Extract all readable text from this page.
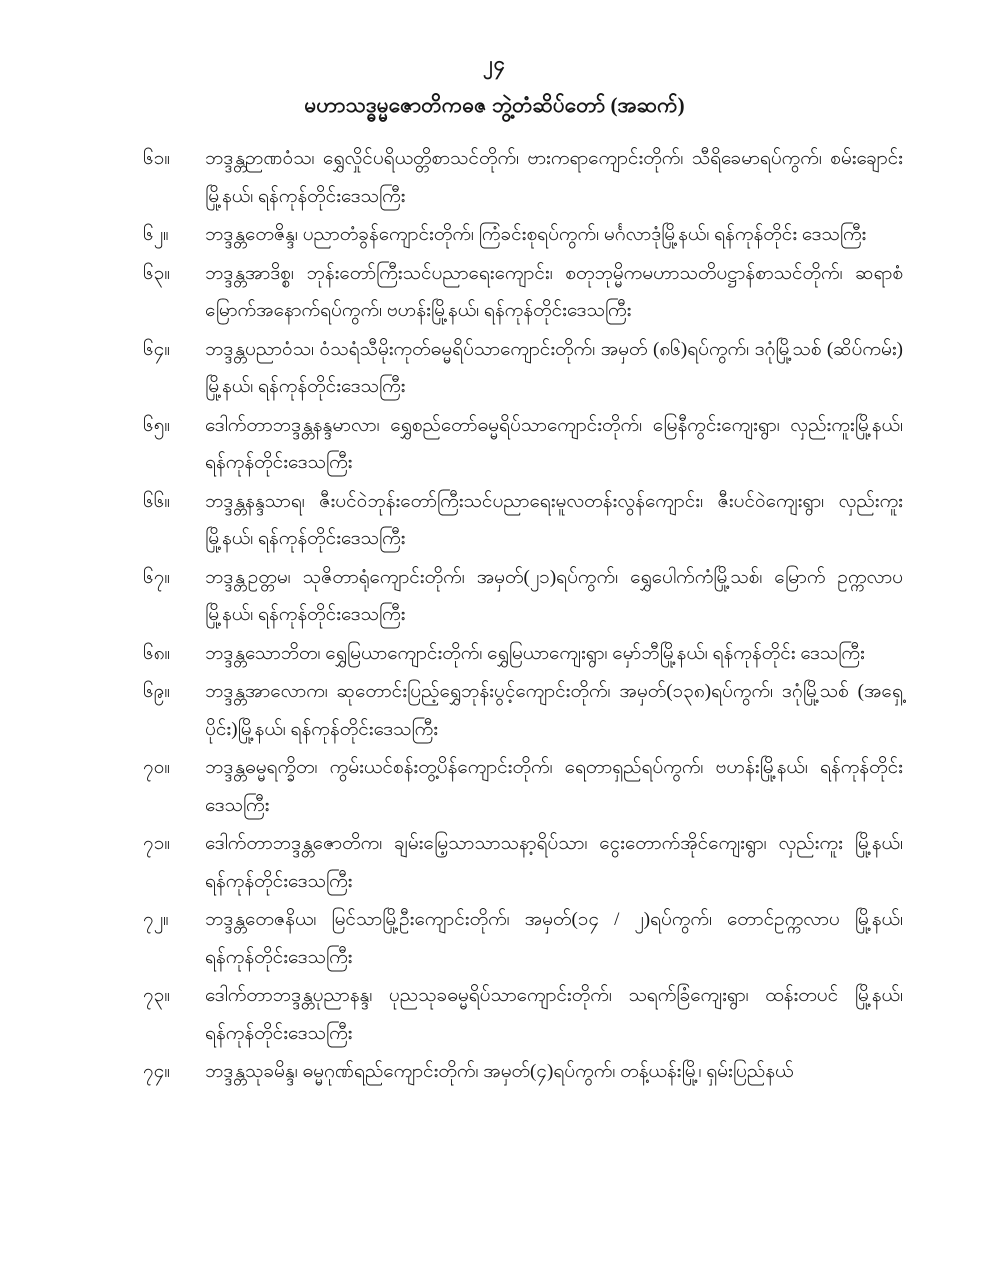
၂၄
မဟာသဒ္ဓမ္မဇောတိကဓဇ ဘွဲ့တံဆိပ်တော် (အဆက်)
၆၁။	ဘဒ္ဒန္တဉာဏဝံသ၊ ရွှေလှိုင်ပရိယတ္တိစာသင်တိုက်၊ ဗားကရာကျောင်းတိုက်၊ သီရိခေမာရပ်ကွက်၊ စမ်းချောင်းမြို့နယ်၊ ရန်ကုန်တိုင်းဒေသကြီး
၆၂။	ဘဒ္ဒန္တတေဇိန္ဒ၊ ပညာတံခွန်ကျောင်းတိုက်၊ ကြံခင်းစုရပ်ကွက်၊ မင်္ဂလာဒုံမြို့နယ်၊ ရန်ကုန်တိုင်း ဒေသကြီး
၆၃။	ဘဒ္ဒန္တအာဒိစ္စ၊ ဘုန်းတော်ကြီးသင်ပညာရေးကျောင်း၊ စတုဘုမ္မိကမဟာသတိပဋ္ဌာန်စာသင်တိုက်၊ ဆရာစံမြောက်အနောက်ရပ်ကွက်၊ ဗဟန်းမြို့နယ်၊ ရန်ကုန်တိုင်းဒေသကြီး
၆၄။	ဘဒ္ဒန္တပညာဝံသ၊ ဝံသရံသီမိုးကုတ်ဓမ္မရိပ်သာကျောင်းတိုက်၊ အမှတ် (၈၆)ရပ်ကွက်၊ ဒဂုံမြို့သစ် (ဆိပ်ကမ်း) မြို့နယ်၊ ရန်ကုန်တိုင်းဒေသကြီး
၆၅။	ဒေါက်တာဘဒ္ဒန္တနန္ဒမာလာ၊ ရွှေစည်တော်ဓမ္မရိပ်သာကျောင်းတိုက်၊ မြေနီကွင်းကျေးရွာ၊ လှည်းကူးမြို့နယ်၊ ရန်ကုန်တိုင်းဒေသကြီး
၆၆။	ဘဒ္ဒန္တနန္ဒသာရ၊ ဇီးပင်ဝဲဘုန်းတော်ကြီးသင်ပညာရေးမူလတန်းလွန်ကျောင်း၊ ဇီးပင်ဝဲကျေးရွာ၊ လှည်းကူးမြို့နယ်၊ ရန်ကုန်တိုင်းဒေသကြီး
၆၇။	ဘဒ္ဒန္တဥတ္တမ၊ သုဇိတာရုံကျောင်းတိုက်၊ အမှတ်(၂၁)ရပ်ကွက်၊ ရွှေပေါက်ကံမြို့သစ်၊ မြောက် ဥက္ကလာပမြို့နယ်၊ ရန်ကုန်တိုင်းဒေသကြီး
၆၈။	ဘဒ္ဒန္တသောဘိတ၊ ရွှေမြယာကျောင်းတိုက်၊ ရွှေမြယာကျေးရွာ၊ မှော်ဘီမြို့နယ်၊ ရန်ကုန်တိုင်း ဒေသကြီး
၆၉။	ဘဒ္ဒန္တအာလောက၊ ဆုတောင်းပြည့်ရွှေဘုန်းပွင့်ကျောင်းတိုက်၊ အမှတ်(၁၃၈)ရပ်ကွက်၊ ဒဂုံမြို့သစ် (အရှေ့ပိုင်း)မြို့နယ်၊ ရန်ကုန်တိုင်းဒေသကြီး
၇၀။	ဘဒ္ဒန္တဓမ္မရက္ခိတ၊ ကွမ်းယင်စန်းတွ့ပိန်ကျောင်းတိုက်၊ ရေတာရှည်ရပ်ကွက်၊ ဗဟန်းမြို့နယ်၊ ရန်ကုန်တိုင်းဒေသကြီး
၇၁။	ဒေါက်တာဘဒ္ဒန္တဇောတိက၊ ချမ်းမြေ့သာသာသနာ့ရိပ်သာ၊ ငွေးတောက်အိုင်ကျေးရွာ၊ လှည်းကူး မြို့နယ်၊ ရန်ကုန်တိုင်းဒေသကြီး
၇၂။	ဘဒ္ဒန္တတေဇနိယ၊ မြင်သာမြို့ဦးကျောင်းတိုက်၊ အမှတ်(၁၄ / ၂)ရပ်ကွက်၊ တောင်ဥက္ကလာပ မြို့နယ်၊ ရန်ကုန်တိုင်းဒေသကြီး
၇၃။	ဒေါက်တာဘဒ္ဒန္တပုညာနန္ဒ၊ ပုညသုခဓမ္မရိပ်သာကျောင်းတိုက်၊ သရက်ခြံကျေးရွာ၊ ထန်းတပင် မြို့နယ်၊ ရန်ကုန်တိုင်းဒေသကြီး
၇၄။	ဘဒ္ဒန္တသုခမိန္ဒ၊ ဓမ္မဂုဏ်ရည်ကျောင်းတိုက်၊ အမှတ်(၄)ရပ်ကွက်၊ တန့်ယန်းမြို့၊ ရှမ်းပြည်နယ်
